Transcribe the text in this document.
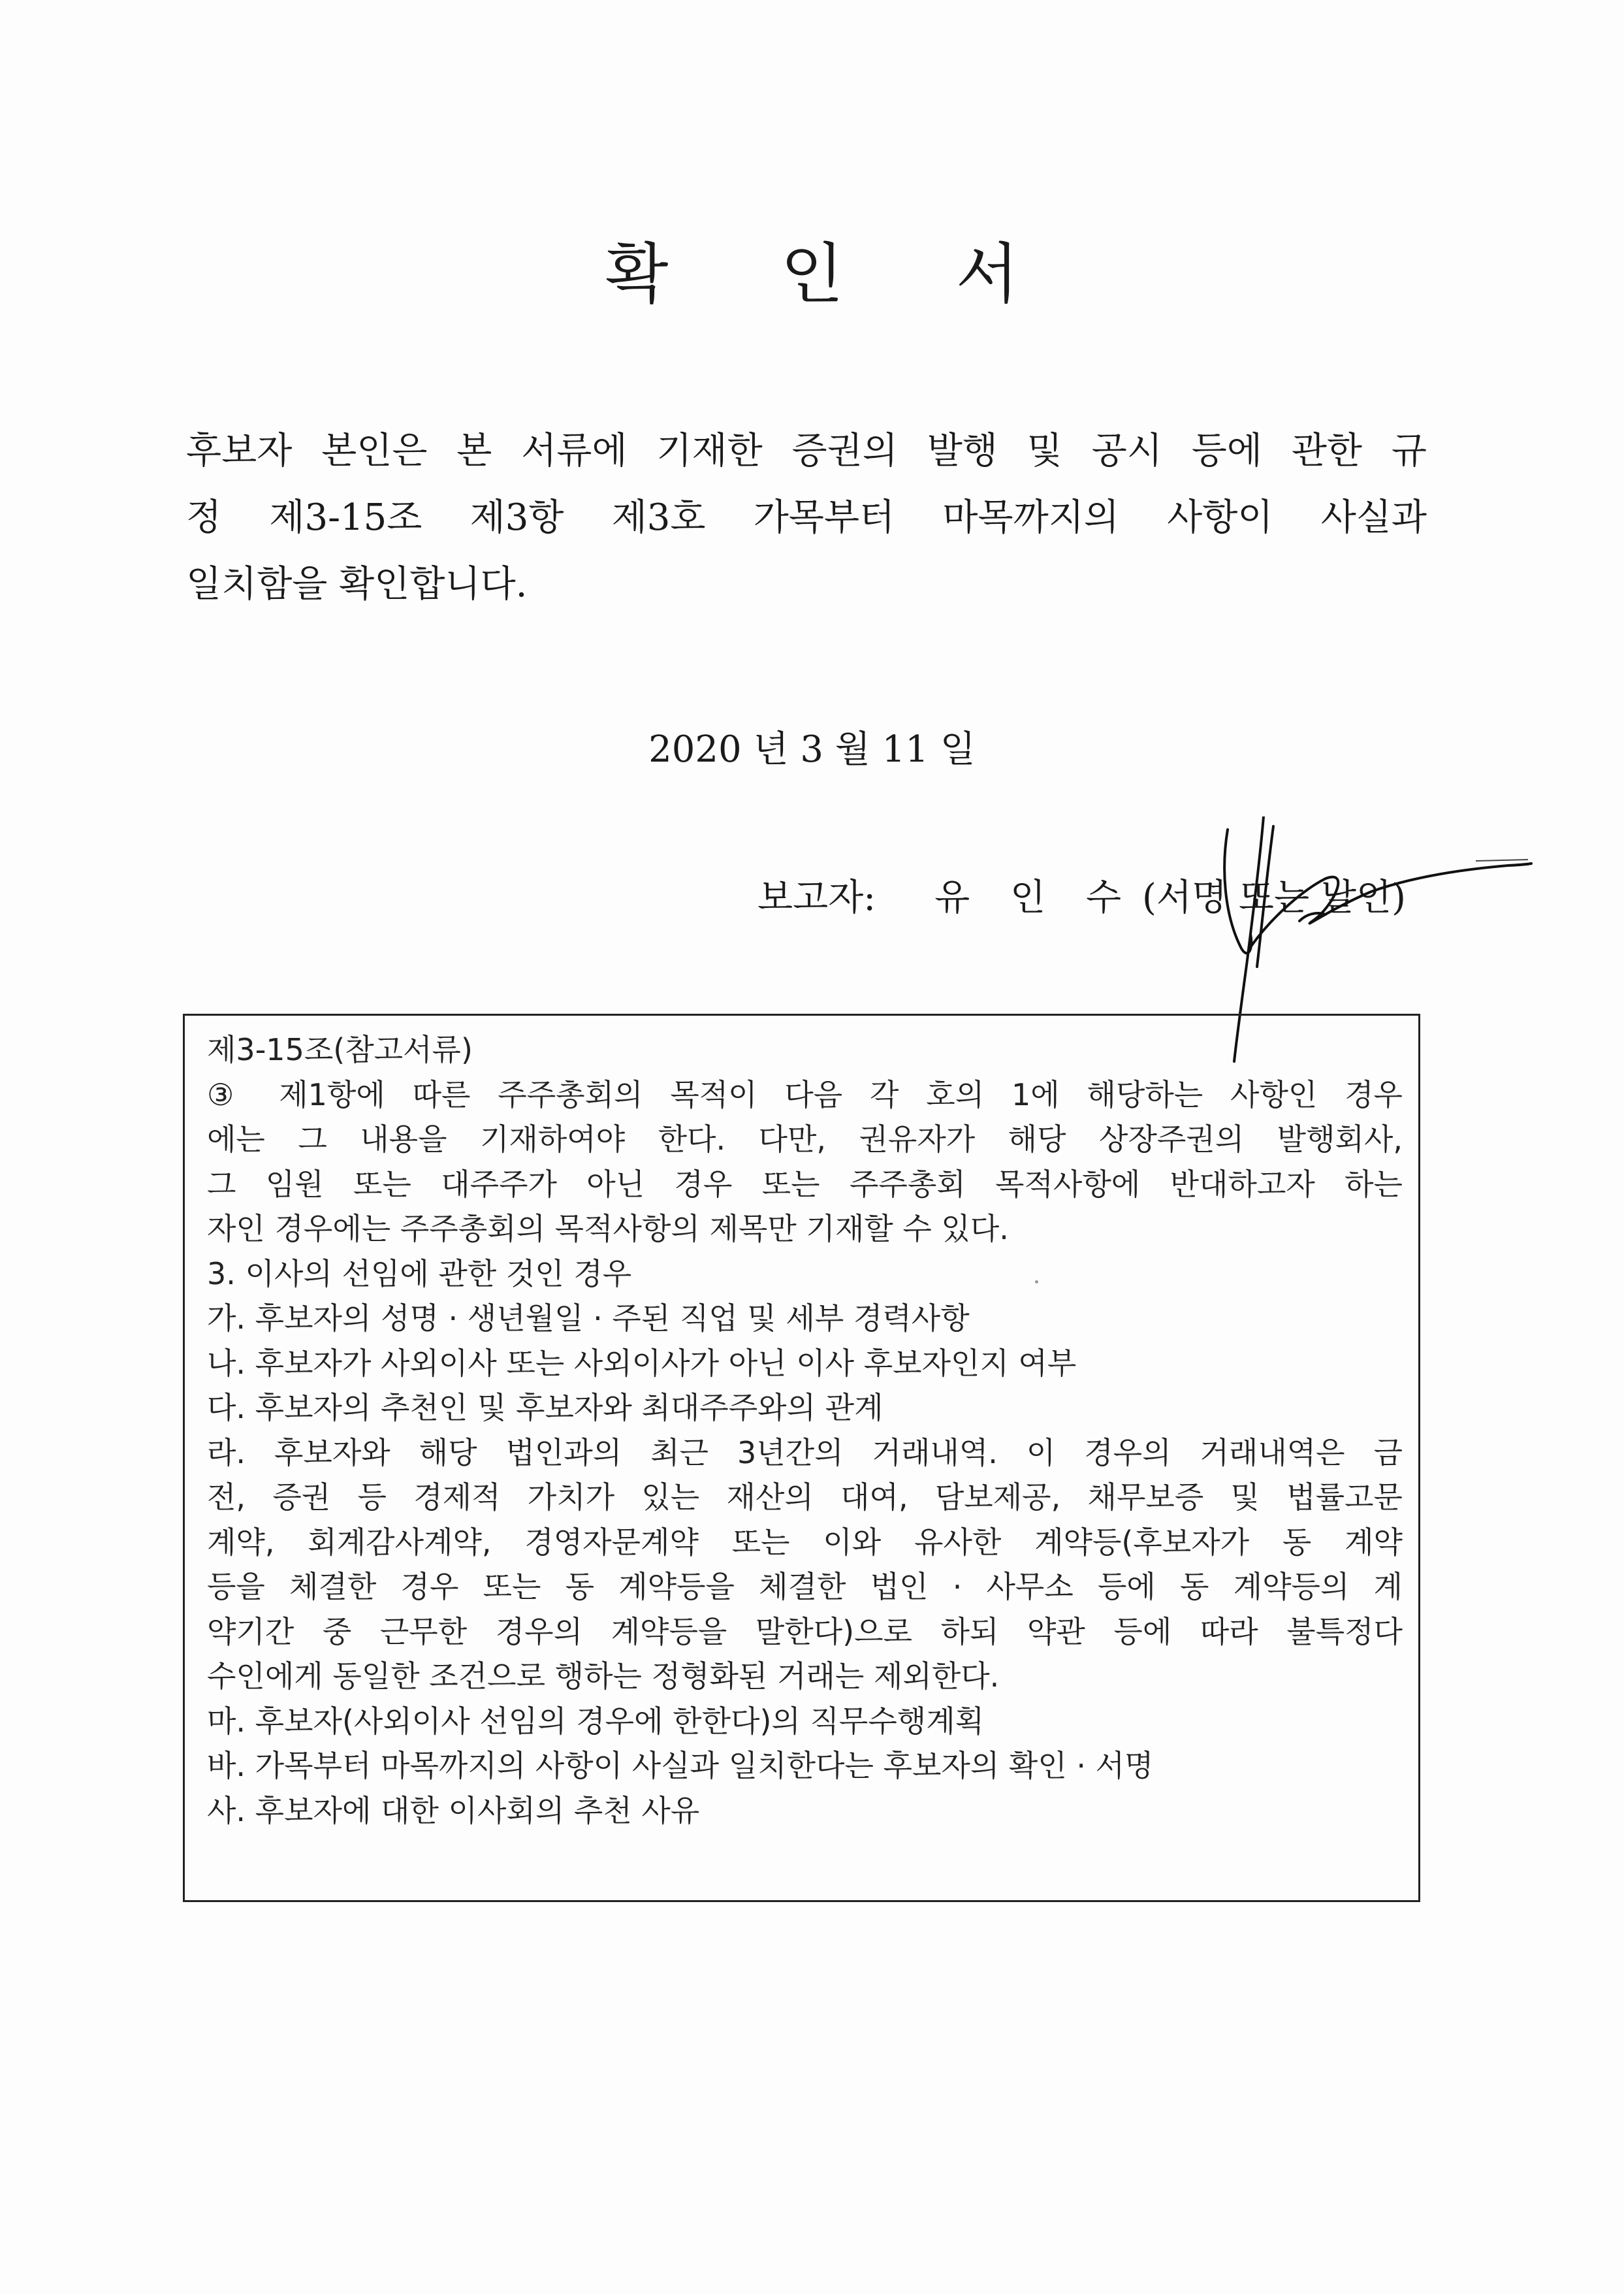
확 인 서
후보자 본인은 본 서류에 기재한 증권의 발행 및 공시 등에 관한 규
정 제3-15조 제3항 제3호 가목부터 마목까지의 사항이 사실과
일치함을 확인합니다.
2020 년 3 월 11 일
보고자: 유 인 수 (서명 또는 날인)
제3-15조(참고서류)
③ 제1항에 따른 주주총회의 목적이 다음 각 호의 1에 해당하는 사항인 경우
에는 그 내용을 기재하여야 한다. 다만, 권유자가 해당 상장주권의 발행회사,
그 임원 또는 대주주가 아닌 경우 또는 주주총회 목적사항에 반대하고자 하는
자인 경우에는 주주총회의 목적사항의 제목만 기재할 수 있다.
3. 이사의 선임에 관한 것인 경우
가. 후보자의 성명 · 생년월일 · 주된 직업 및 세부 경력사항
나. 후보자가 사외이사 또는 사외이사가 아닌 이사 후보자인지 여부
다. 후보자의 추천인 및 후보자와 최대주주와의 관계
라. 후보자와 해당 법인과의 최근 3년간의 거래내역. 이 경우의 거래내역은 금
전, 증권 등 경제적 가치가 있는 재산의 대여, 담보제공, 채무보증 및 법률고문
계약, 회계감사계약, 경영자문계약 또는 이와 유사한 계약등(후보자가 동 계약
등을 체결한 경우 또는 동 계약등을 체결한 법인 · 사무소 등에 동 계약등의 계
약기간 중 근무한 경우의 계약등을 말한다)으로 하되 약관 등에 따라 불특정다
수인에게 동일한 조건으로 행하는 정형화된 거래는 제외한다.
마. 후보자(사외이사 선임의 경우에 한한다)의 직무수행계획
바. 가목부터 마목까지의 사항이 사실과 일치한다는 후보자의 확인 · 서명
사. 후보자에 대한 이사회의 추천 사유
